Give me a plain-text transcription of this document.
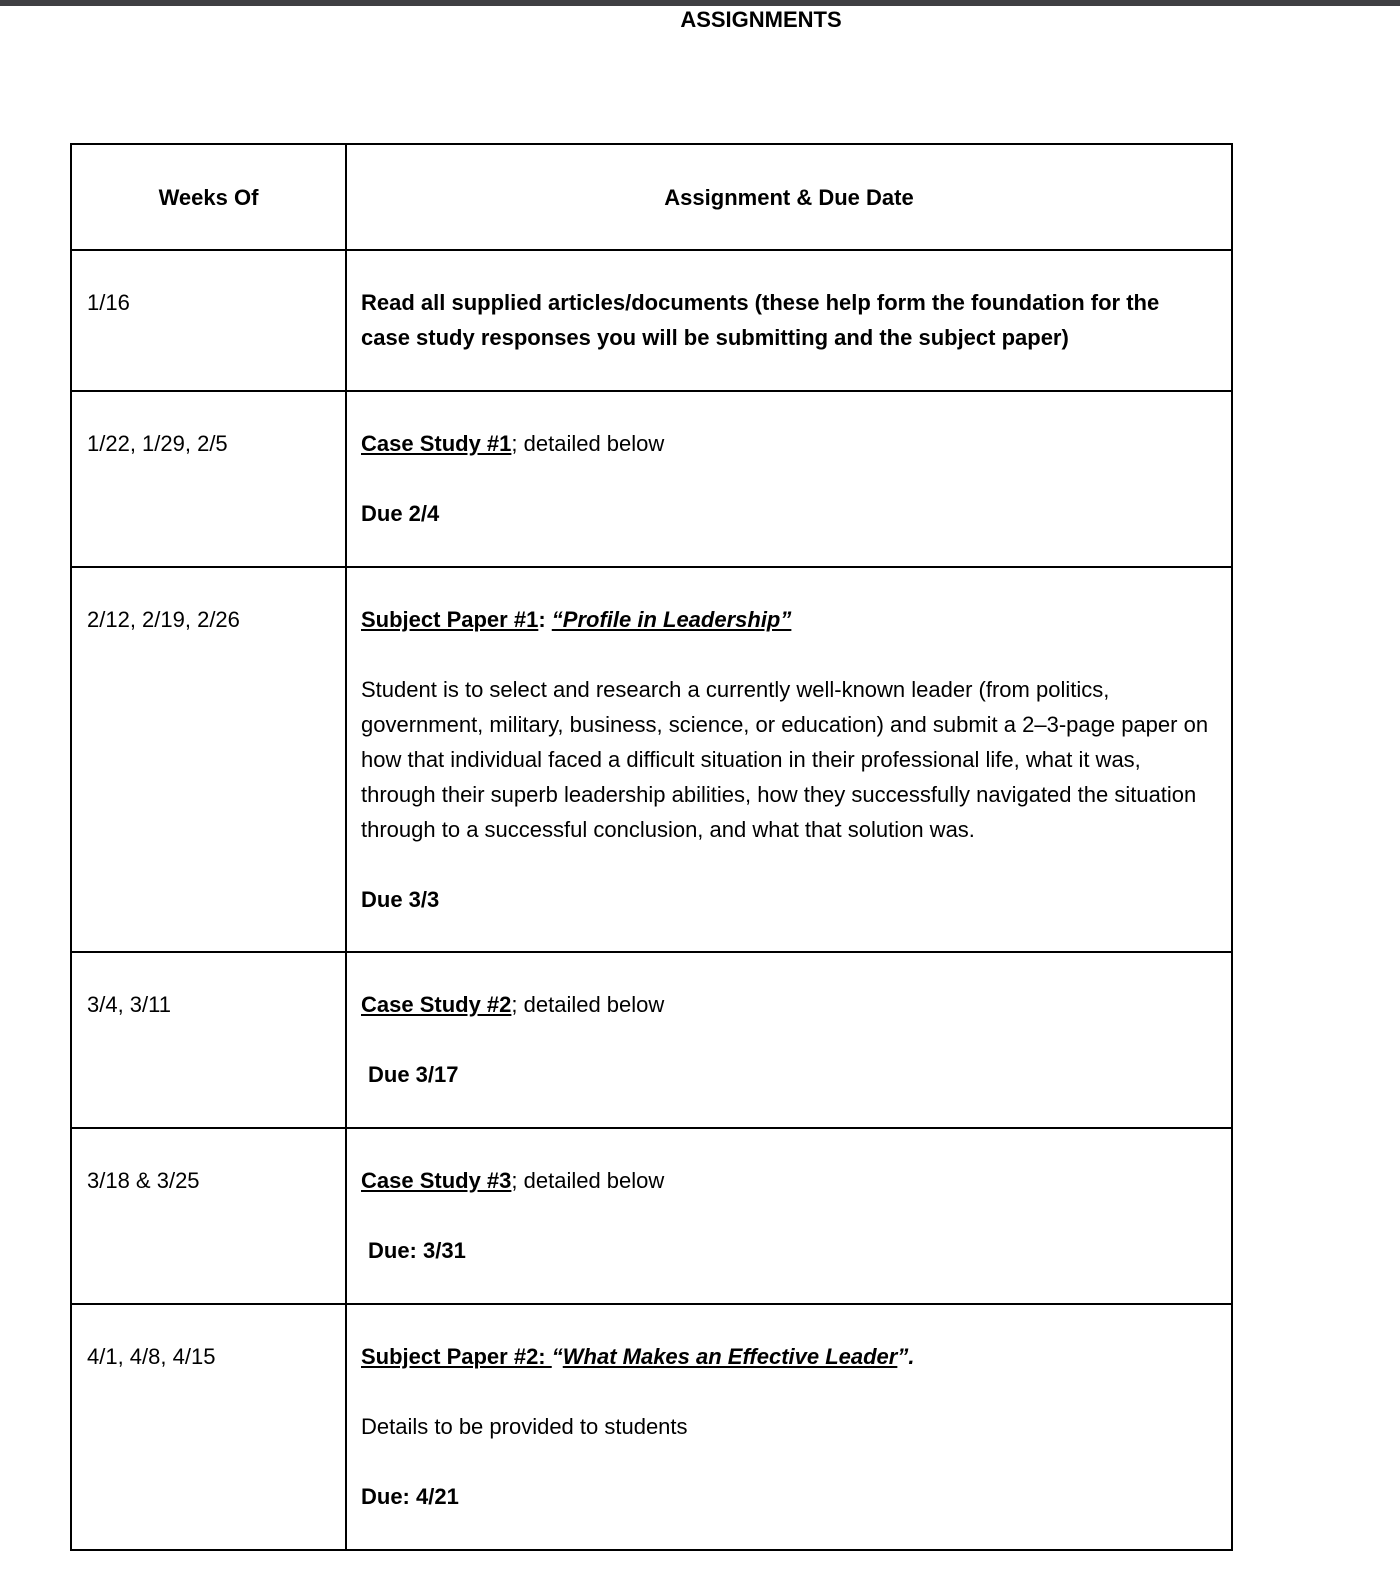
ASSIGNMENTS
Weeks Of	Assignment & Due Date
1/16	Read all supplied articles/documents (these help form the foundation for the case study responses you will be submitting and the subject paper)

1/22, 1/29, 2/5	Case Study #1; detailed below

Due 2/4

2/12, 2/19, 2/26	Subject Paper #1: “Profile in Leadership”

Student is to select and research a currently well-known leader (from politics, government, military, business, science, or education) and submit a 2–3-page paper on how that individual faced a difficult situation in their professional life, what it was, through their superb leadership abilities, how they successfully navigated the situation through to a successful conclusion, and what that solution was.

Due 3/3

3/4, 3/11	Case Study #2; detailed below

Due 3/17

3/18 & 3/25	Case Study #3; detailed below

Due: 3/31

4/1, 4/8, 4/15	Subject Paper #2: “What Makes an Effective Leader”.

Details to be provided to students

Due: 4/21
